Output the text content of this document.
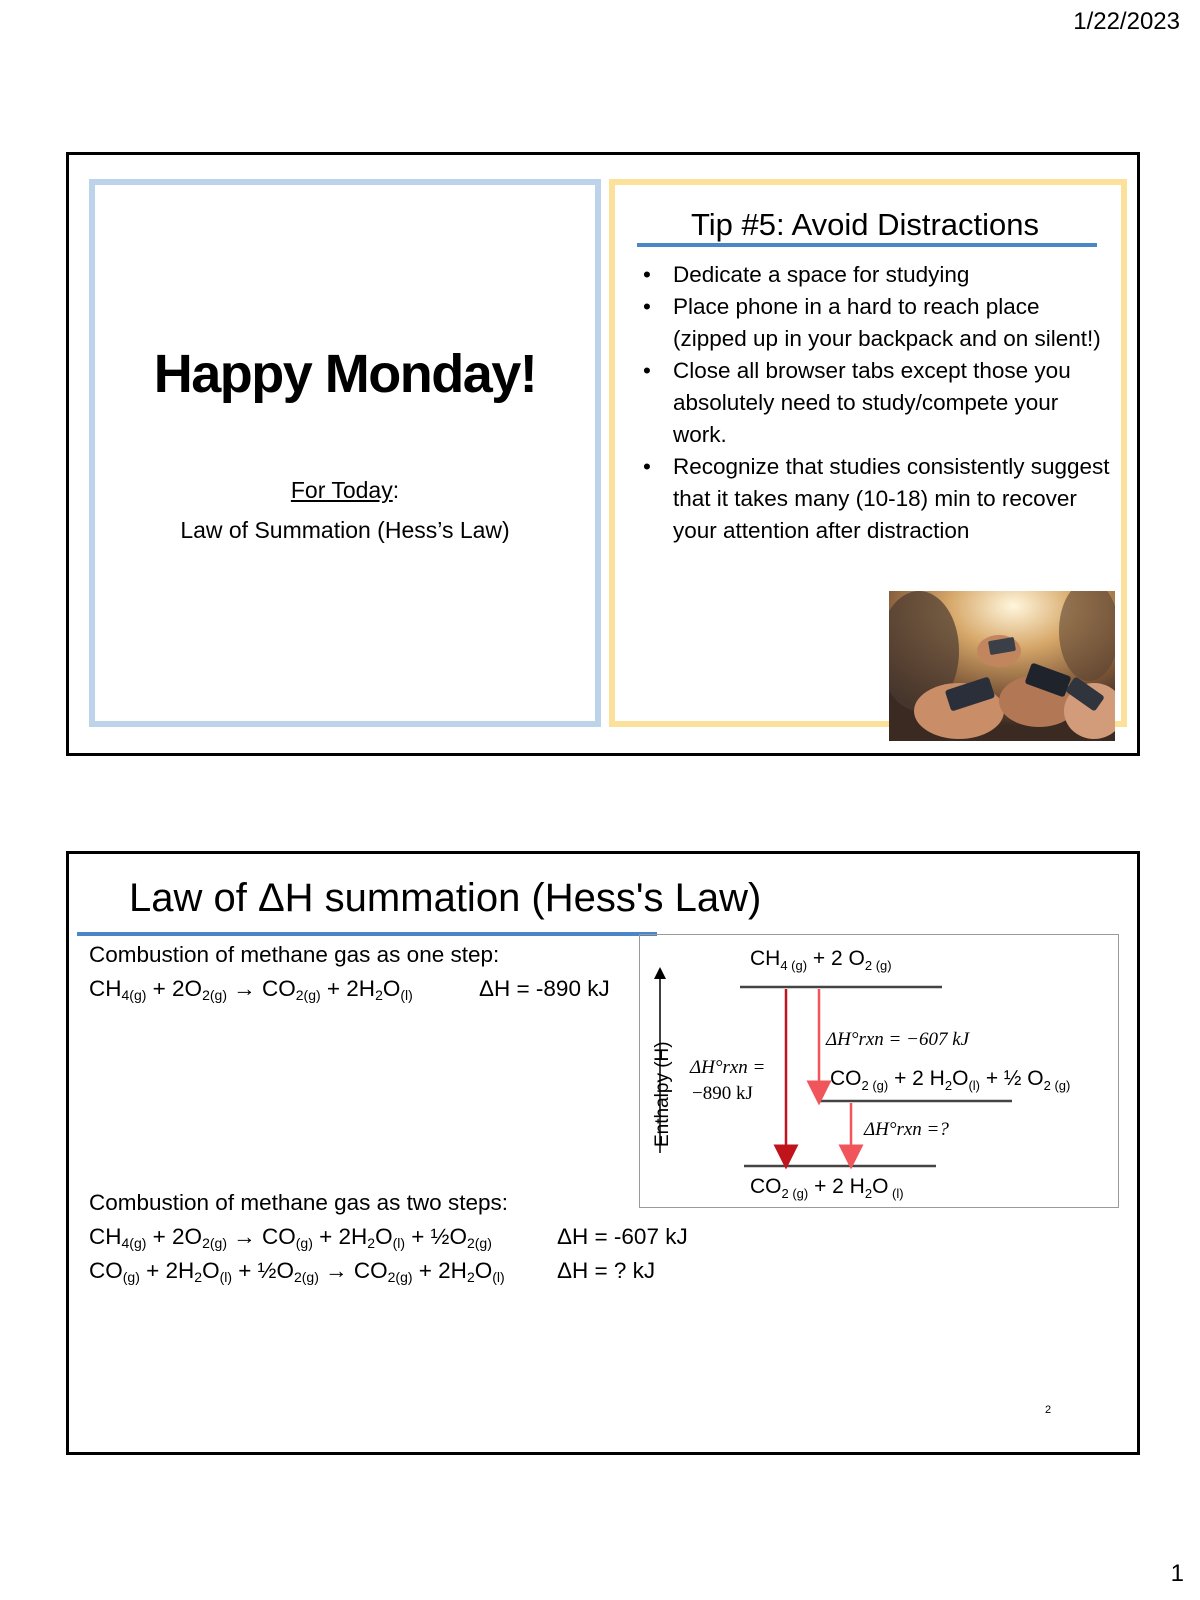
1/22/2023
Happy Monday!
For Today:
Law of Summation (Hess’s Law)
Tip #5: Avoid Distractions
• Dedicate a space for studying
• Place phone in a hard to reach place (zipped up in your backpack and on silent!)
• Close all browser tabs except those you absolutely need to study/compete your work.
• Recognize that studies consistently suggest that it takes many (10-18) min to recover your attention after distraction
Law of ΔH summation (Hess's Law)
Combustion of methane gas as one step:
$CH_{4(g)} + 2O_{2(g)} \to CO_{2(g)} + 2H_2O_{(l)}$	ΔH = -890 kJ
Combustion of methane gas as two steps:
$CH_{4(g)} + 2O_{2(g)} \to CO_{(g)} + 2H_2O_{(l)}$ + $\frac{1}{2}O_{2(g)}$	ΔH = -607 kJ
$CO_{(g)} + 2H_2O_{(l)}$ + $\frac{1}{2}O_{2(g)} \to CO_{2(g)} + 2H_2O_{(l)}$ ΔH = ? kJ
Enthalpy (H)
$CH_{4 (g)} + 2$ $O_{2 (g)}$
$CO_{2 (g)} + 2$ $H_2O_{(l)}$ + ½ $O_{2 (g)}$
$CO_{2 (g)} + 2$ $H_2O$ $_{(l)}$
ΔH°rxn =
−890 kJ
ΔH°rxn = −607 kJ
ΔH°rxn =?
2
1
